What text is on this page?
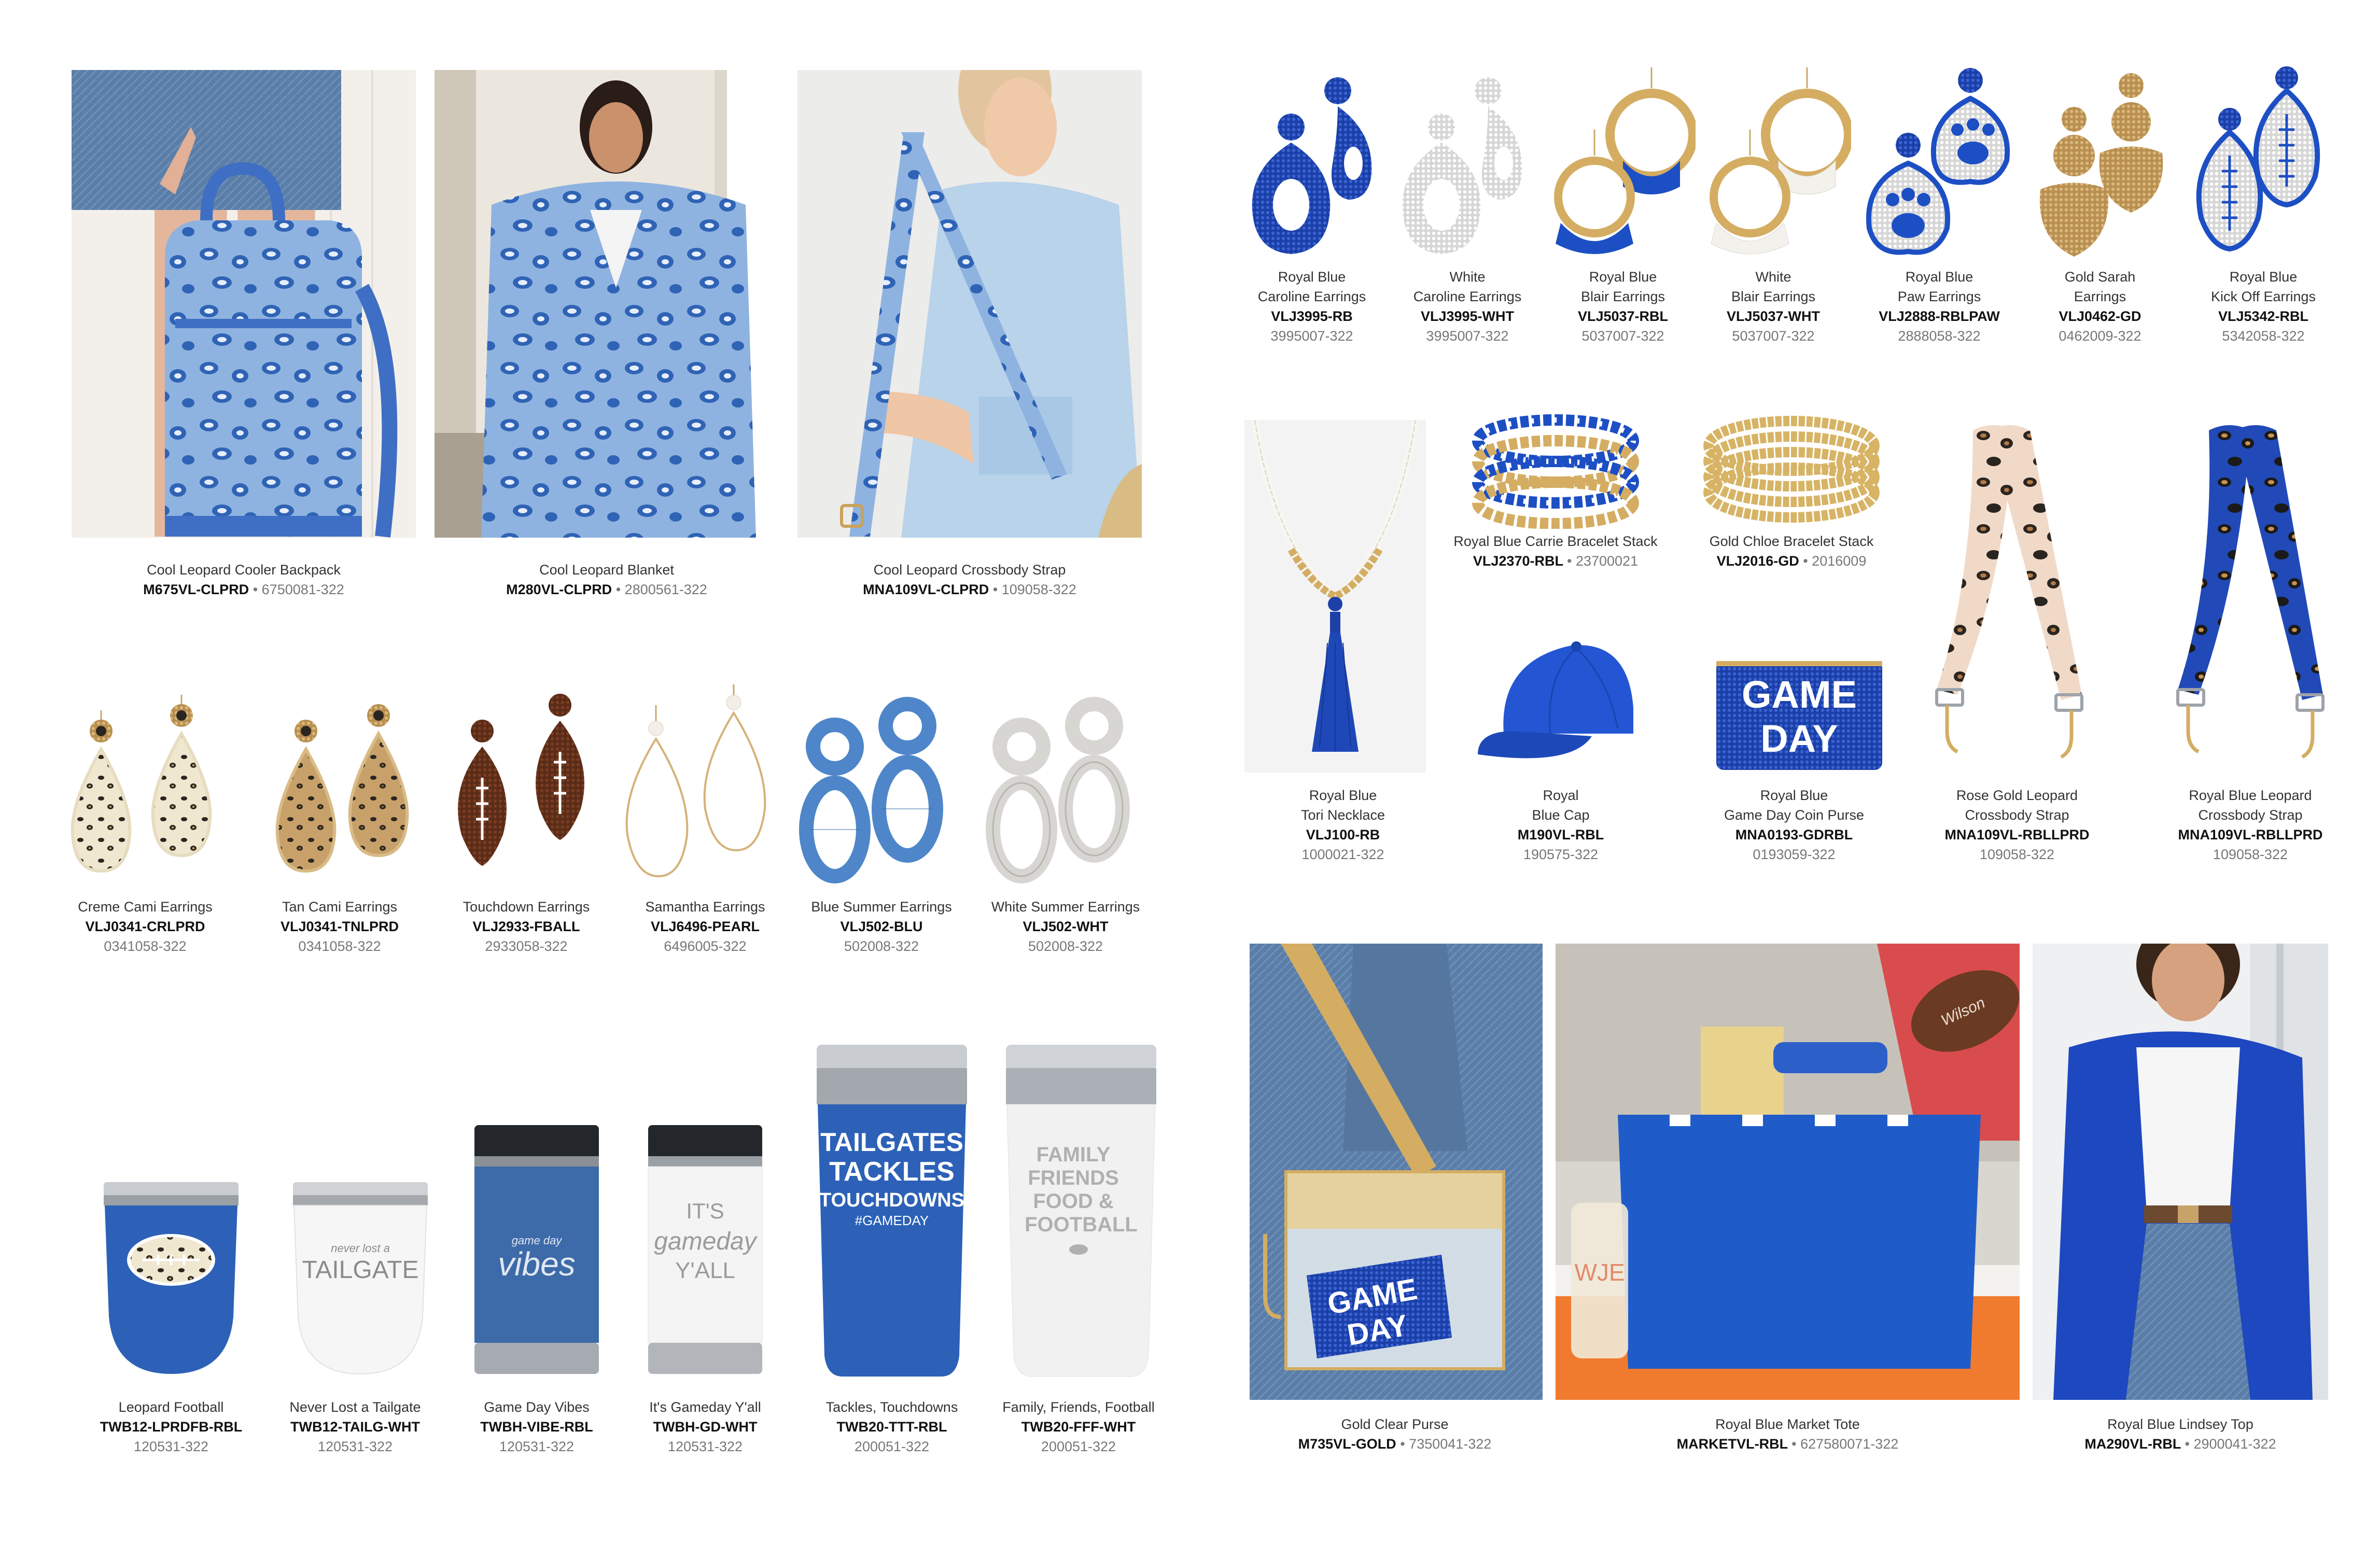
Cool Leopard Cooler Backpack
M675VL-CLPRD • 6750081-322
Cool Leopard Blanket
M280VL-CLPRD • 2800561-322
Cool Leopard Crossbody Strap
MNA109VL-CLPRD • 109058-322
Creme Cami Earrings
VLJ0341-CRLPRD
0341058-322
Tan Cami Earrings
VLJ0341-TNLPRD
0341058-322
Touchdown Earrings
VLJ2933-FBALL
2933058-322
Samantha Earrings
VLJ6496-PEARL
6496005-322
Blue Summer Earrings
VLJ502-BLU
502008-322
White Summer Earrings
VLJ502-WHT
502008-322
never lost a
TAILGATE
game day
vibes
IT'S
gameday
Y'ALL
TAILGATES
TACKLES
TOUCHDOWNS
#GAMEDAY
FAMILY
FRIENDS
FOOD &
FOOTBALL
Leopard Football
TWB12-LPRDFB-RBL
120531-322
Never Lost a Tailgate
TWB12-TAILG-WHT
120531-322
Game Day Vibes
TWBH-VIBE-RBL
120531-322
It's Gameday Y'all
TWBH-GD-WHT
120531-322
Tackles, Touchdowns
TWB20-TTT-RBL
200051-322
Family, Friends, Football
TWB20-FFF-WHT
200051-322
Royal Blue
Caroline Earrings
VLJ3995-RB
3995007-322
White
Caroline Earrings
VLJ3995-WHT
3995007-322
Royal Blue
Blair Earrings
VLJ5037-RBL
5037007-322
White
Blair Earrings
VLJ5037-WHT
5037007-322
Royal Blue
Paw Earrings
VLJ2888-RBLPAW
2888058-322
Gold Sarah
Earrings
VLJ0462-GD
0462009-322
Royal Blue
Kick Off Earrings
VLJ5342-RBL
5342058-322
Royal Blue Carrie Bracelet Stack
VLJ2370-RBL • 23700021
Gold Chloe Bracelet Stack
VLJ2016-GD • 2016009
GAME
DAY
Royal Blue
Tori Necklace
VLJ100-RB
1000021-322
Royal
Blue Cap
M190VL-RBL
190575-322
Royal Blue
Game Day Coin Purse
MNA0193-GDRBL
0193059-322
Rose Gold Leopard
Crossbody Strap
MNA109VL-RBLLPRD
109058-322
Royal Blue Leopard
Crossbody Strap
MNA109VL-RBLLPRD
109058-322
GAME
DAY
Wilson
WJE
Gold Clear Purse
M735VL-GOLD • 7350041-322
Royal Blue Market Tote
MARKETVL-RBL • 627580071-322
Royal Blue Lindsey Top
MA290VL-RBL • 2900041-322
